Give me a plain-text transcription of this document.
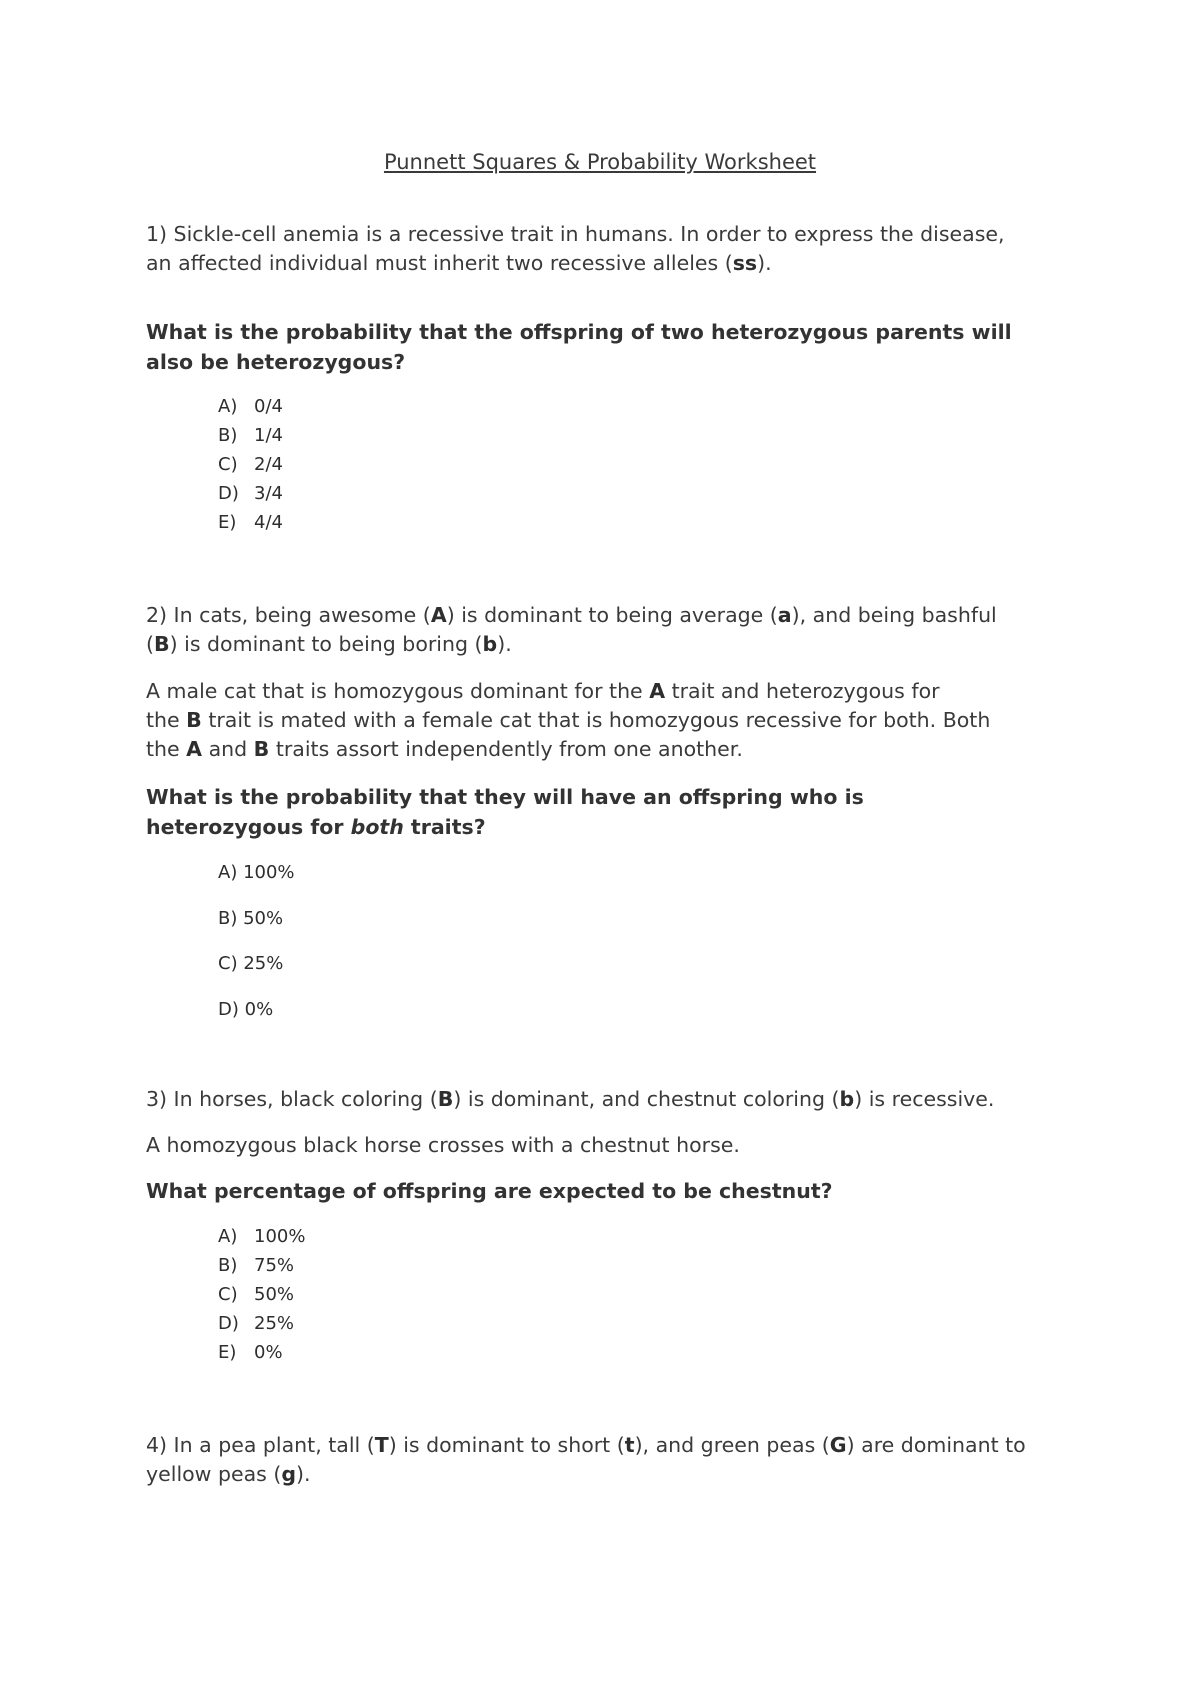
Punnett Squares & Probability Worksheet
1) Sickle-cell anemia is a recessive trait in humans. In order to express the disease,
an affected individual must inherit two recessive alleles (ss).
What is the probability that the offspring of two heterozygous parents will
also be heterozygous?
A) 0/4
B) 1/4
C) 2/4
D) 3/4
E) 4/4
2) In cats, being awesome (A) is dominant to being average (a), and being bashful
(B) is dominant to being boring (b).
A male cat that is homozygous dominant for the A trait and heterozygous for
the B trait is mated with a female cat that is homozygous recessive for both. Both
the A and B traits assort independently from one another.
What is the probability that they will have an offspring who is
heterozygous for both traits?
A)
100%
B)
50%
C)
25%
D)
0%
3) In horses, black coloring (B) is dominant, and chestnut coloring (b) is recessive.
A homozygous black horse crosses with a chestnut horse.
What percentage of offspring are expected to be chestnut?
A) 100%
B) 75%
C) 50%
D) 25%
E) 0%
4) In a pea plant, tall (T) is dominant to short (t), and green peas (G) are dominant to
yellow peas (g).
